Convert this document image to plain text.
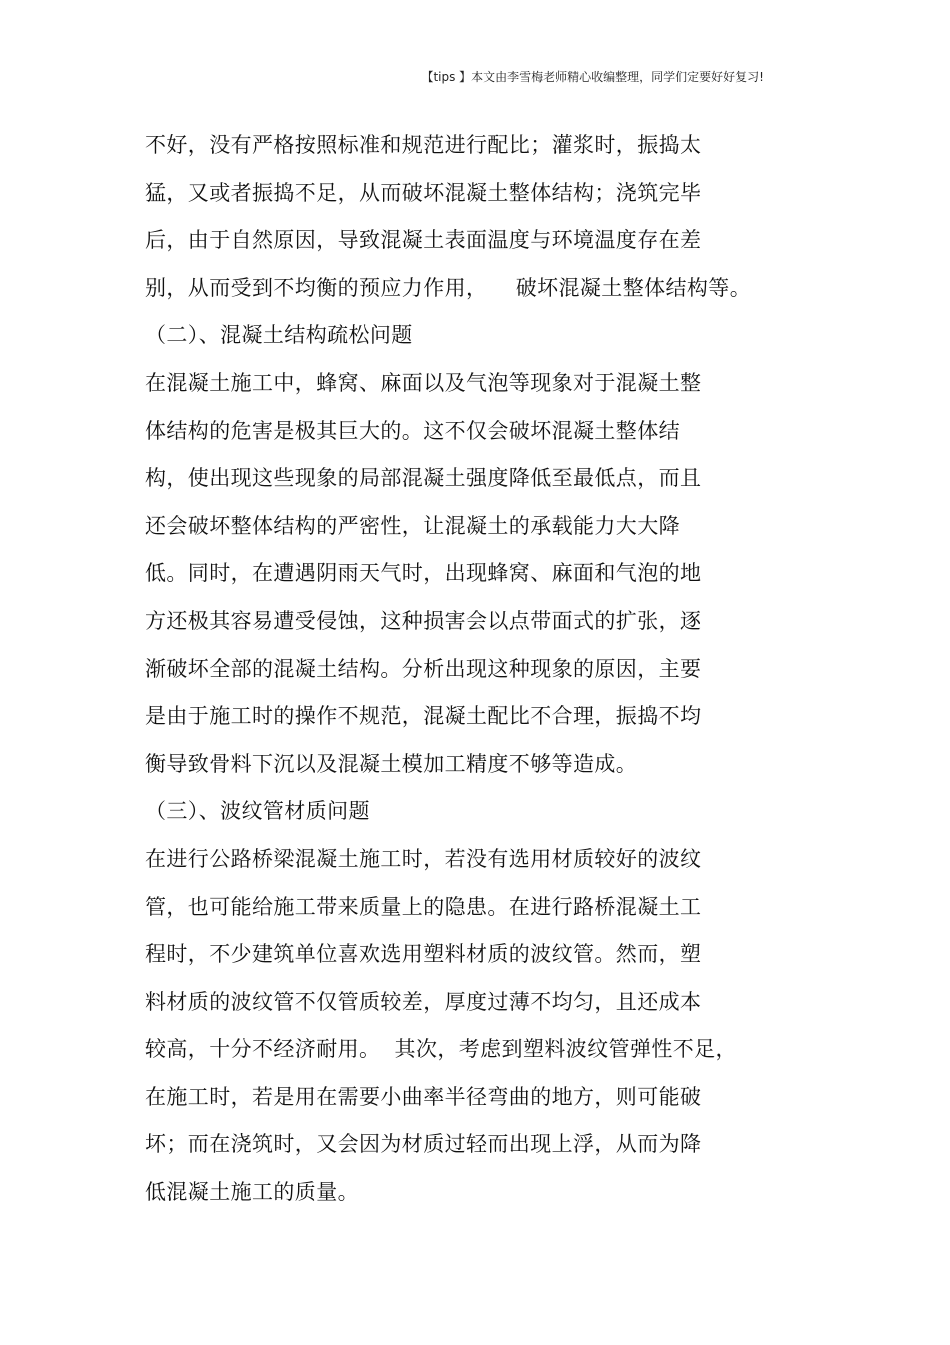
【tips 】本文由李雪梅老师精心收编整理，同学们定要好好复习!
不好，没有严格按照标准和规范进行配比；灌浆时，振捣太
猛，又或者振捣不足，从而破坏混凝土整体结构；浇筑完毕
后，由于自然原因，导致混凝土表面温度与环境温度存在差
别，从而受到不均衡的预应力作用，    破坏混凝土整体结构等。
（二）、混凝土结构疏松问题
在混凝土施工中，蜂窝、麻面以及气泡等现象对于混凝土整
体结构的危害是极其巨大的。这不仅会破坏混凝土整体结
构，使出现这些现象的局部混凝土强度降低至最低点，而且
还会破坏整体结构的严密性，让混凝土的承载能力大大降
低。同时，在遭遇阴雨天气时，出现蜂窝、麻面和气泡的地
方还极其容易遭受侵蚀，这种损害会以点带面式的扩张，逐
渐破坏全部的混凝土结构。分析出现这种现象的原因，主要
是由于施工时的操作不规范，混凝土配比不合理，振捣不均
衡导致骨料下沉以及混凝土模加工精度不够等造成。
（三）、波纹管材质问题
在进行公路桥梁混凝土施工时，若没有选用材质较好的波纹
管，也可能给施工带来质量上的隐患。在进行路桥混凝土工
程时，不少建筑单位喜欢选用塑料材质的波纹管。然而，塑
料材质的波纹管不仅管质较差，厚度过薄不均匀，且还成本
较高，十分不经济耐用。  其次，考虑到塑料波纹管弹性不足，
在施工时，若是用在需要小曲率半径弯曲的地方，则可能破
坏；而在浇筑时，又会因为材质过轻而出现上浮，从而为降
低混凝土施工的质量。
